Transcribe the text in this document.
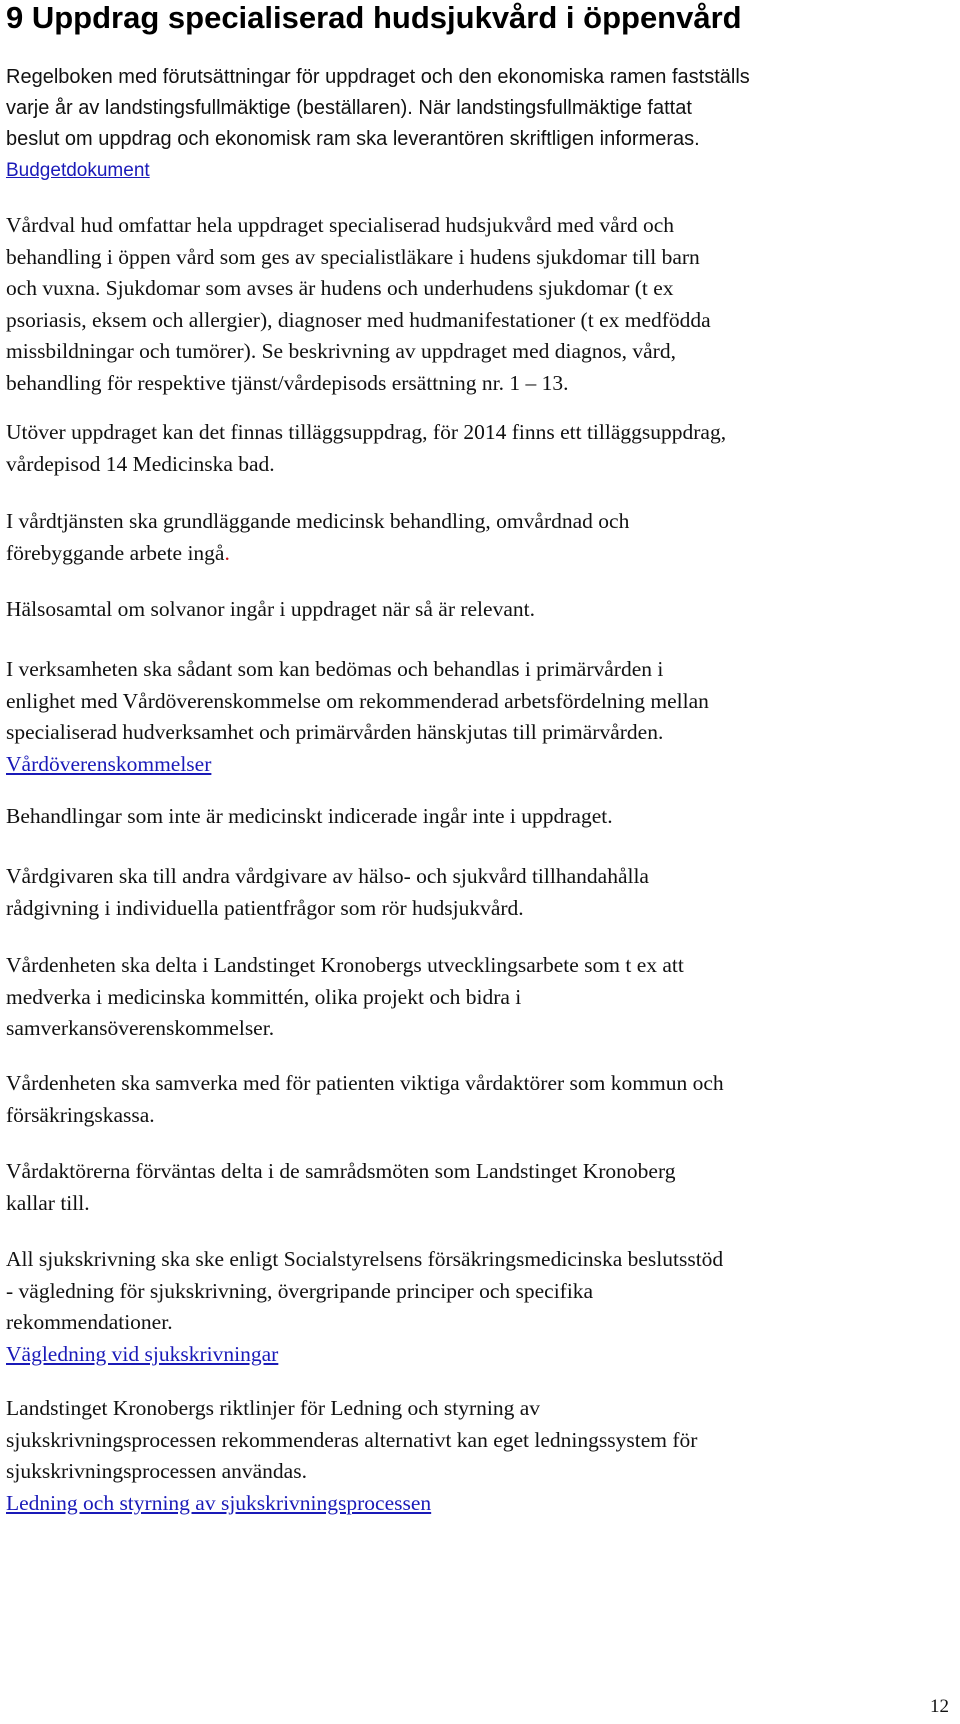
9 Uppdrag specialiserad hudsjukvård i öppenvård
Regelboken med förutsättningar för uppdraget och den ekonomiska ramen fastställs
varje år av landstingsfullmäktige (beställaren). När landstingsfullmäktige fattat
beslut om uppdrag och ekonomisk ram ska leverantören skriftligen informeras.
Budgetdokument
Vårdval hud omfattar hela uppdraget specialiserad hudsjukvård med vård och
behandling i öppen vård som ges av specialistläkare i hudens sjukdomar till barn
och vuxna. Sjukdomar som avses är hudens och underhudens sjukdomar (t ex
psoriasis, eksem och allergier), diagnoser med hudmanifestationer (t ex medfödda
missbildningar och tumörer). Se beskrivning av uppdraget med diagnos, vård,
behandling för respektive tjänst/vårdepisods ersättning nr. 1 – 13.
Utöver uppdraget kan det finnas tilläggsuppdrag, för 2014 finns ett tilläggsuppdrag,
vårdepisod 14 Medicinska bad.
I vårdtjänsten ska grundläggande medicinsk behandling, omvårdnad och
förebyggande arbete ingå.
Hälsosamtal om solvanor ingår i uppdraget när så är relevant.
I verksamheten ska sådant som kan bedömas och behandlas i primärvården i
enlighet med Vårdöverenskommelse om rekommenderad arbetsfördelning mellan
specialiserad hudverksamhet och primärvården hänskjutas till primärvården.
Vårdöverenskommelser
Behandlingar som inte är medicinskt indicerade ingår inte i uppdraget.
Vårdgivaren ska till andra vårdgivare av hälso- och sjukvård tillhandahålla
rådgivning i individuella patientfrågor som rör hudsjukvård.
Vårdenheten ska delta i Landstinget Kronobergs utvecklingsarbete som t ex att
medverka i medicinska kommittén, olika projekt och bidra i
samverkansöverenskommelser.
Vårdenheten ska samverka med för patienten viktiga vårdaktörer som kommun och
försäkringskassa.
Vårdaktörerna förväntas delta i de samrådsmöten som Landstinget Kronoberg
kallar till.
All sjukskrivning ska ske enligt Socialstyrelsens försäkringsmedicinska beslutsstöd
- vägledning för sjukskrivning, övergripande principer och specifika
rekommendationer.
Vägledning vid sjukskrivningar
Landstinget Kronobergs riktlinjer för Ledning och styrning av
sjukskrivningsprocessen rekommenderas alternativt kan eget ledningssystem för
sjukskrivningsprocessen användas.
Ledning och styrning av sjukskrivningsprocessen
12
